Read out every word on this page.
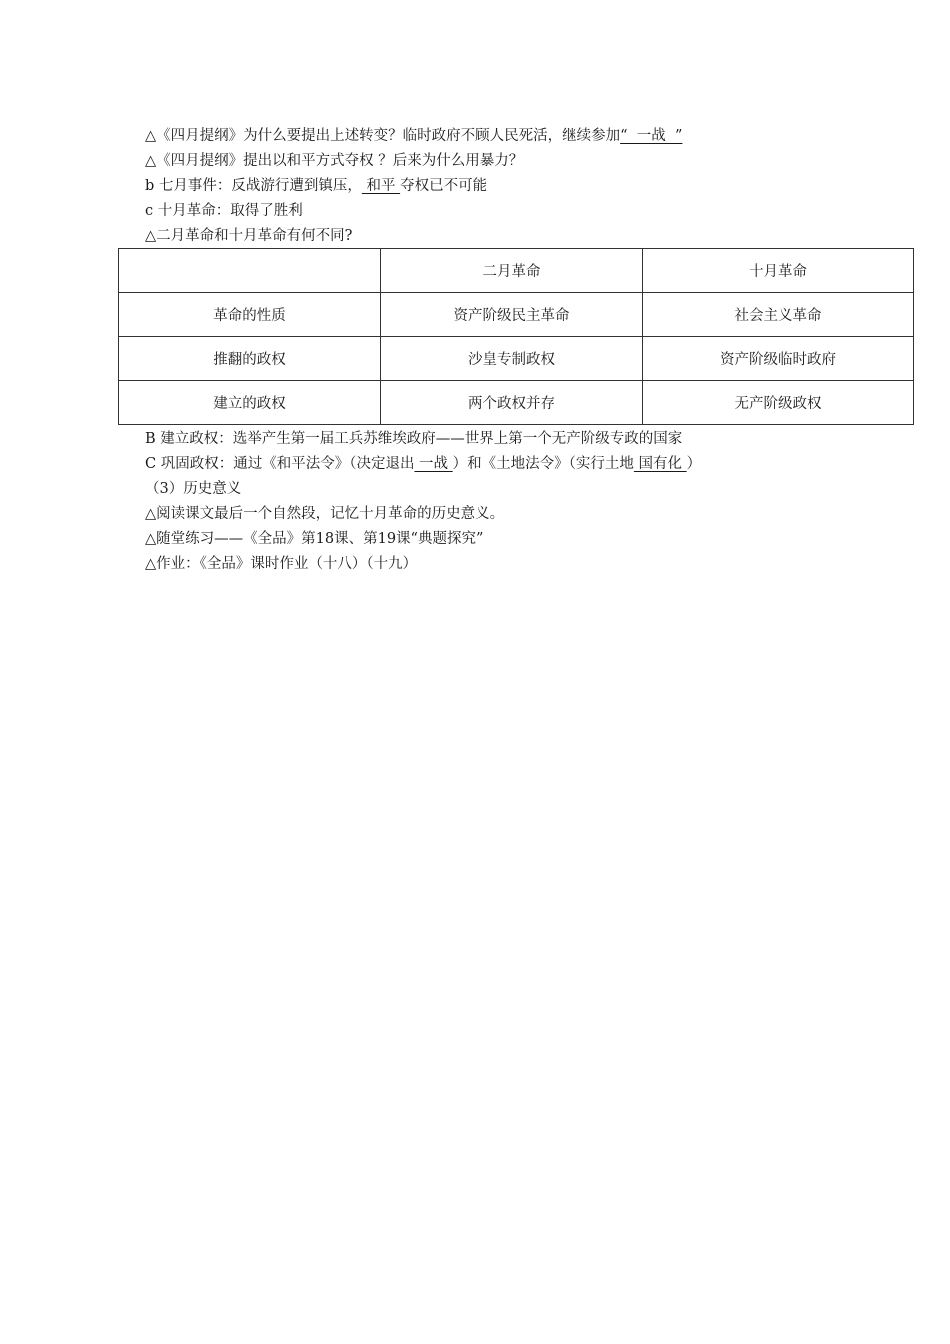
△《四月提纲》为什么要提出上述转变？临时政府不顾人民死活，继续参加“  一战  ”
△《四月提纲》提出以和平方式夺权 ？后来为什么用暴力？
b 七月事件：反战游行遭到镇压， 和平 夺权已不可能
c 十月革命：取得了胜利
△二月革命和十月革命有何不同?
	二月革命	十月革命
革命的性质	资产阶级民主革命	社会主义革命
推翻的政权	沙皇专制政权	资产阶级临时政府
建立的政权	两个政权并存	无产阶级政权
B 建立政权：选举产生第一届工兵苏维埃政府——世界上第一个无产阶级专政的国家
C 巩固政权：通过《和平法令》（决定退出 一战 ）和《土地法令》（实行土地 国有化 ）
（3）历史意义
△阅读课文最后一个自然段，记忆十月革命的历史意义。
△随堂练习——《全品》第18课、第19课“典题探究”
△作业：《全品》课时作业（十八）（十九）
